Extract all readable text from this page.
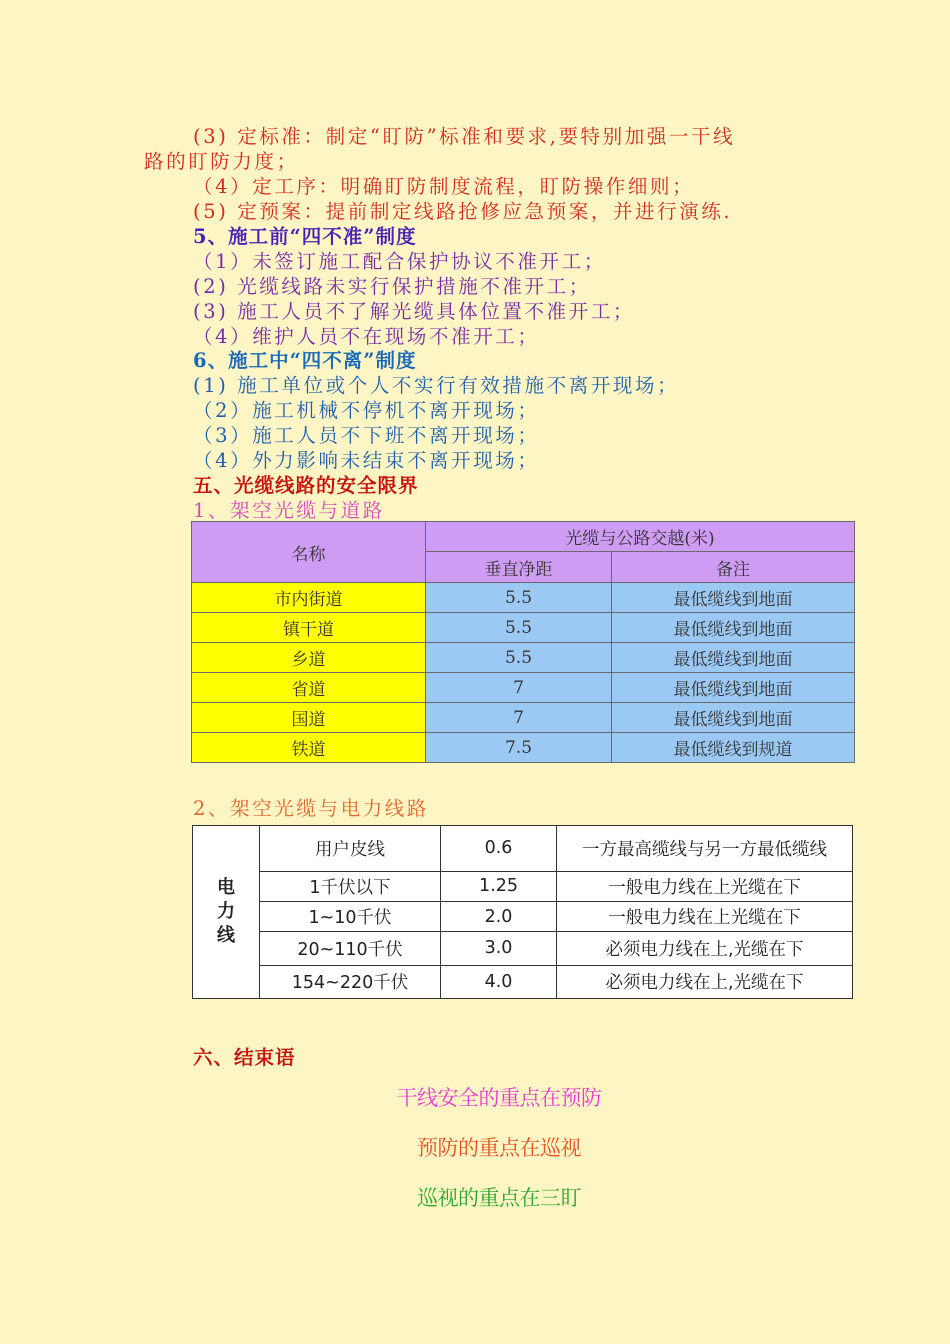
(3) 定标准：制定“盯防”标准和要求,要特别加强一干线
路的盯防力度；
（4）定工序：明确盯防制度流程，盯防操作细则；
(5) 定预案：提前制定线路抢修应急预案，并进行演练.
5、施工前“四不准”制度
（1）未签订施工配合保护协议不准开工；
(2) 光缆线路未实行保护措施不准开工；
(3) 施工人员不了解光缆具体位置不准开工；
（4）维护人员不在现场不准开工；
6、施工中“四不离”制度
(1) 施工单位或个人不实行有效措施不离开现场；
（2）施工机械不停机不离开现场；
（3）施工人员不下班不离开现场；
（4）外力影响未结束不离开现场；
五、光缆线路的安全限界
1、架空光缆与道路
名称	光缆与公路交越(米)	
	垂直净距	备注
市内街道	5.5	最低缆线到地面
镇干道	5.5	最低缆线到地面
乡道	5.5	最低缆线到地面
省道	7	最低缆线到地面
国道	7	最低缆线到地面
铁道	7.5	最低缆线到规道
2、架空光缆与电力线路
电力线	用户皮线	0.6	一方最高缆线与另一方最低缆线
	1千伏以下	1.25	一般电力线在上光缆在下
	1~10千伏	2.0	一般电力线在上光缆在下
	20~110千伏	3.0	必须电力线在上,光缆在下
	154~220千伏	4.0	必须电力线在上,光缆在下
六、结束语
干线安全的重点在预防
预防的重点在巡视
巡视的重点在三盯
